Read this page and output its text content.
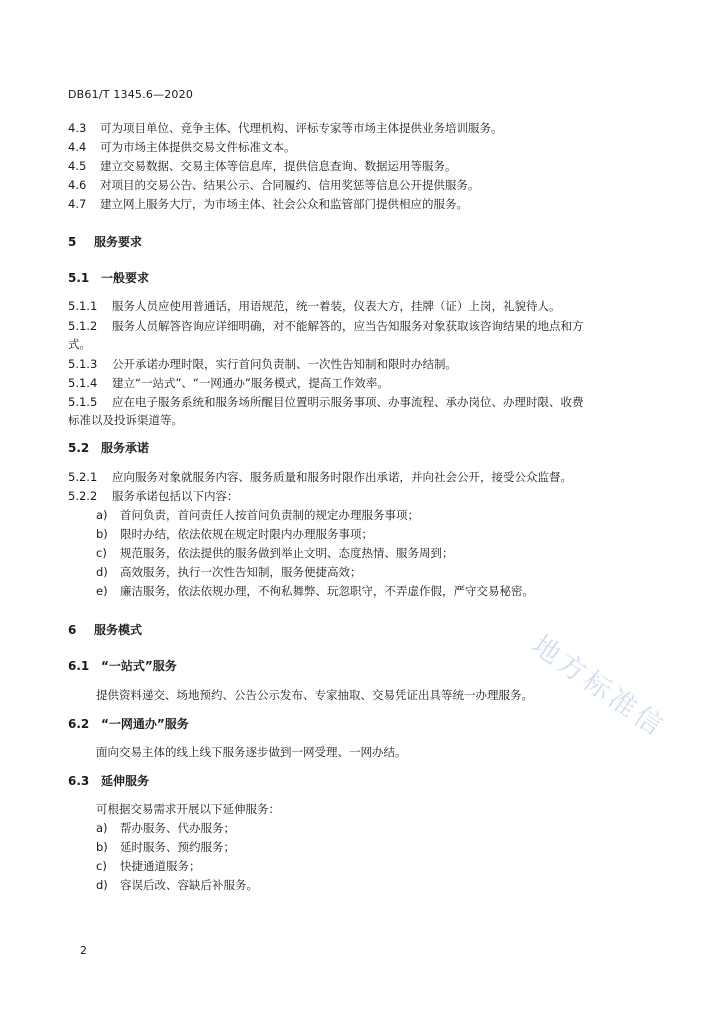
DB61/T 1345.6—2020
4.3 可为项目单位、竞争主体、代理机构、评标专家等市场主体提供业务培训服务。
4.4 可为市场主体提供交易文件标准文本。
4.5 建立交易数据、交易主体等信息库，提供信息查询、数据运用等服务。
4.6 对项目的交易公告、结果公示、合同履约、信用奖惩等信息公开提供服务。
4.7 建立网上服务大厅，为市场主体、社会公众和监管部门提供相应的服务。
5 服务要求
5.1 一般要求
5.1.1 服务人员应使用普通话，用语规范，统一着装，仪表大方，挂牌（证）上岗，礼貌待人。
5.1.2 服务人员解答咨询应详细明确，对不能解答的，应当告知服务对象获取该咨询结果的地点和方
式。
5.1.3 公开承诺办理时限，实行首问负责制、一次性告知制和限时办结制。
5.1.4 建立“一站式”、“一网通办”服务模式，提高工作效率。
5.1.5 应在电子服务系统和服务场所醒目位置明示服务事项、办事流程、承办岗位、办理时限、收费
标准以及投诉渠道等。
5.2 服务承诺
5.2.1 应向服务对象就服务内容、服务质量和服务时限作出承诺，并向社会公开，接受公众监督。
5.2.2 服务承诺包括以下内容：
a) 首问负责，首问责任人按首问负责制的规定办理服务事项；
b) 限时办结，依法依规在规定时限内办理服务事项；
c) 规范服务，依法提供的服务做到举止文明、态度热情、服务周到；
d) 高效服务，执行一次性告知制，服务便捷高效；
e) 廉洁服务，依法依规办理，不徇私舞弊、玩忽职守，不弄虚作假，严守交易秘密。
6 服务模式
6.1 “一站式”服务
提供资料递交、场地预约、公告公示发布、专家抽取、交易凭证出具等统一办理服务。
6.2 “一网通办”服务
面向交易主体的线上线下服务逐步做到一网受理、一网办结。
6.3 延伸服务
可根据交易需求开展以下延伸服务：
a) 帮办服务、代办服务；
b) 延时服务、预约服务；
c) 快捷通道服务；
d) 容误后改、容缺后补服务。
地方标准信
2
